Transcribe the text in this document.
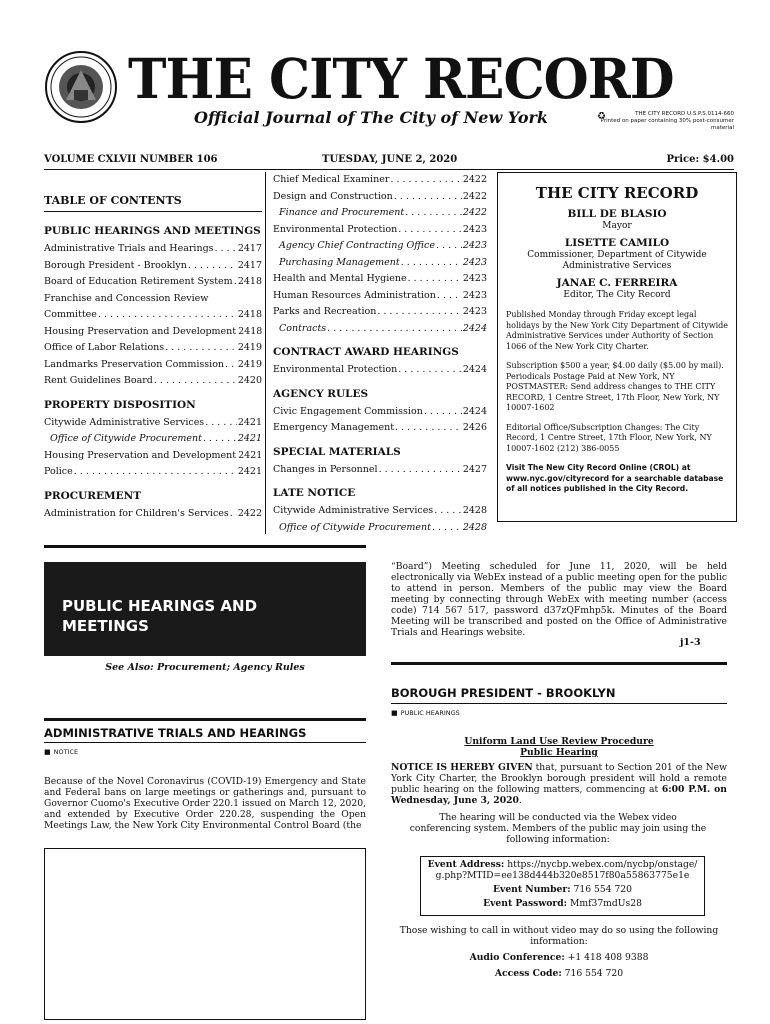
THE CITY RECORD
Official Journal of The City of New York	♻	THE CITY RECORD U.S.P.S.0114-660
Printed on paper containing 30% post-consumer material
VOLUME CXLVII NUMBER 106	TUESDAY, JUNE 2, 2020	Price: $4.00
TABLE OF CONTENTS
PUBLIC HEARINGS AND MEETINGS
Administrative Trials and Hearings . . .	2417
Borough President - Brooklyn . . .	2417
Board of Education Retirement System . . . 2418
Franchise and Concession Review
Committee . . .	2418
Housing Preservation and Development 2418
Office of Labor Relations . . .	2419
Landmarks Preservation Commission . . . 2419
Rent Guidelines Board . . .	2420
PROPERTY DISPOSITION
Citywide Administrative Services . . .	2421
Office of Citywide Procurement . . .	2421
Housing Preservation and Development 2421
Police . . .	2421
PROCUREMENT
Administration for Children's Services . . . 2422
Chief Medical Examiner . . .	2422
Design and Construction . . .	2422
Finance and Procurement . . .	2422
Environmental Protection . . .	2423
Agency Chief Contracting Office . . .	2423
Purchasing Management . . .	2423
Health and Mental Hygiene . . .	2423
Human Resources Administration . . .	2423
Parks and Recreation . . .	2423
Contracts . . .	2424
CONTRACT AWARD HEARINGS
Environmental Protection . . .	2424
AGENCY RULES
Civic Engagement Commission . . .	2424
Emergency Management . . .	2426
SPECIAL MATERIALS
Changes in Personnel . . .	2427
LATE NOTICE
Citywide Administrative Services . . .	2428
Office of Citywide Procurement . . .	2428
THE CITY RECORD
BILL DE BLASIO
Mayor
LISETTE CAMILO
Commissioner, Department of Citywide Administrative Services
JANAE C. FERREIRA
Editor, The City Record
Published Monday through Friday except legal holidays by the New York City Department of Citywide Administrative Services under Authority of Section 1066 of the New York City Charter.
Subscription $500 a year, $4.00 daily ($5.00 by mail). Periodicals Postage Paid at New York, NY POSTMASTER: Send address changes to THE CITY RECORD, 1 Centre Street, 17th Floor, New York, NY 10007-1602
Editorial Office/Subscription Changes: The City Record, 1 Centre Street, 17th Floor, New York, NY 10007-1602 (212) 386-0055
Visit The New City Record Online (CROL) at www.nyc.gov/cityrecord for a searchable database of all notices published in the City Record.
PUBLIC HEARINGS AND MEETINGS
See Also: Procurement; Agency Rules
ADMINISTRATIVE TRIALS AND HEARINGS
■ NOTICE
Because of the Novel Coronavirus (COVID-19) Emergency and State and Federal bans on large meetings or gatherings and, pursuant to Governor Cuomo's Executive Order 220.1 issued on March 12, 2020, and extended by Executive Order 220.28, suspending the Open Meetings Law, the New York City Environmental Control Board (the
“Board”) Meeting scheduled for June 11, 2020, will be held electronically via WebEx instead of a public meeting open for the public to attend in person. Members of the public may view the Board meeting by connecting through WebEx with meeting number (access code) 714 567 517, password d37zQFmhp5k. Minutes of the Board Meeting will be transcribed and posted on the Office of Administrative Trials and Hearings website.
j1-3
BOROUGH PRESIDENT - BROOKLYN
■ PUBLIC HEARINGS
Uniform Land Use Review Procedure
Public Hearing
NOTICE IS HEREBY GIVEN that, pursuant to Section 201 of the New York City Charter, the Brooklyn borough president will hold a remote public hearing on the following matters, commencing at 6:00 P.M. on Wednesday, June 3, 2020.
The hearing will be conducted via the Webex video conferencing system. Members of the public may join using the following information:
Event Address: https://nycbp.webex.com/nycbp/onstage/g.php?MTID=ee138d444b320e8517f80a55863775e1e
Event Number: 716 554 720
Event Password: Mmf37mdUs28
Those wishing to call in without video may do so using the following information:
Audio Conference: +1 418 408 9388
Access Code: 716 554 720
